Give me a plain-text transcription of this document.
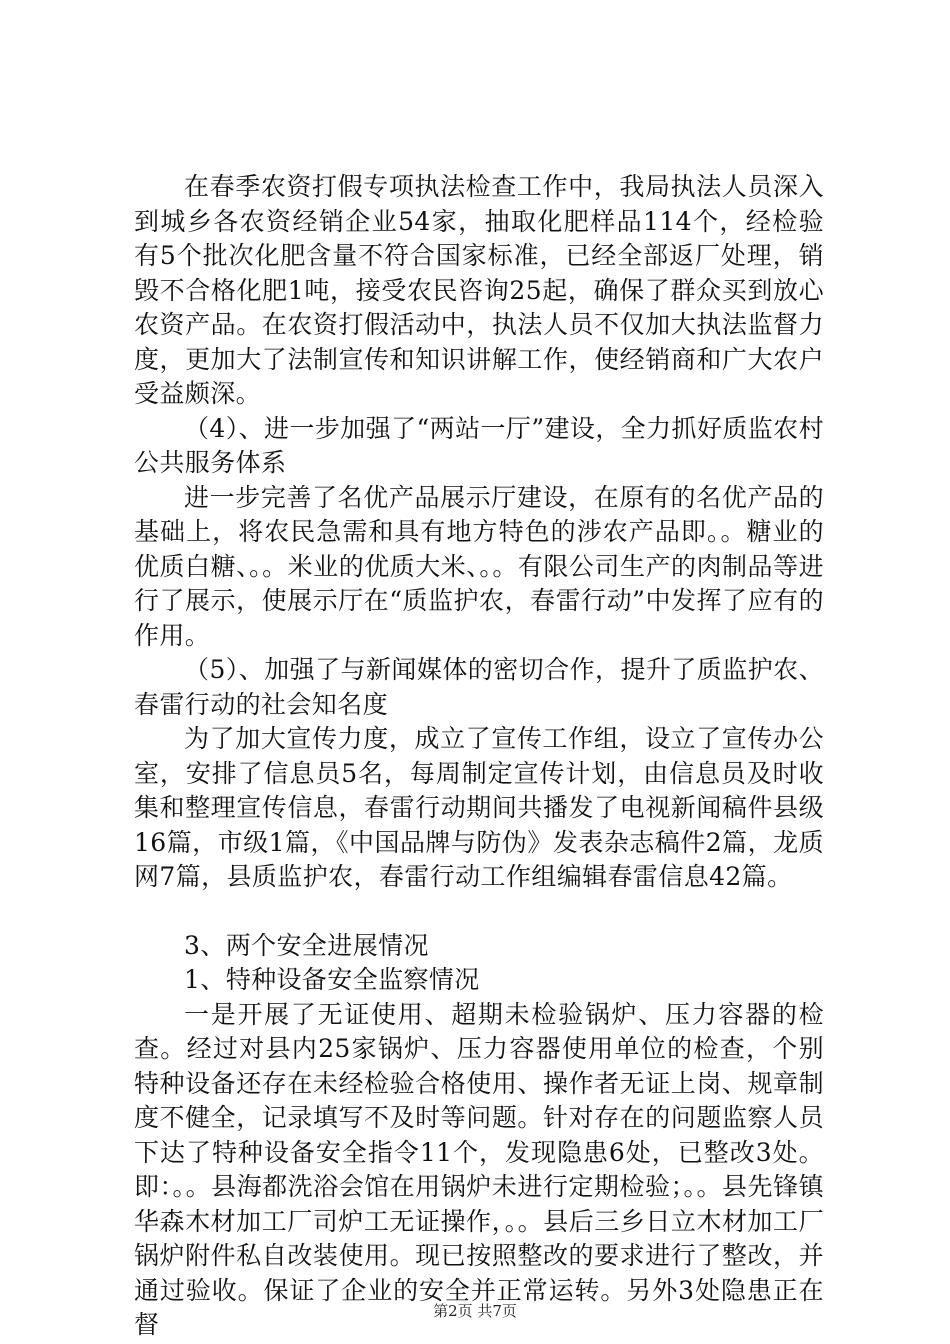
在春季农资打假专项执法检查工作中，我局执法人员深入到城乡各农资经销企业54家，抽取化肥样品114个，经检验有5个批次化肥含量不符合国家标准，已经全部返厂处理，销毁不合格化肥1吨，接受农民咨询25起，确保了群众买到放心农资产品。在农资打假活动中，执法人员不仅加大执法监督力度，更加大了法制宣传和知识讲解工作，使经销商和广大农户受益颇深。

（4）、进一步加强了“两站一厅”建设，全力抓好质监农村公共服务体系

进一步完善了名优产品展示厅建设，在原有的名优产品的基础上，将农民急需和具有地方特色的涉农产品即。。糖业的优质白糖、。。米业的优质大米、。。有限公司生产的肉制品等进行了展示，使展示厅在“质监护农，春雷行动”中发挥了应有的作用。

（5）、加强了与新闻媒体的密切合作，提升了质监护农、春雷行动的社会知名度

为了加大宣传力度，成立了宣传工作组，设立了宣传办公室，安排了信息员5名，每周制定宣传计划，由信息员及时收集和整理宣传信息，春雷行动期间共播发了电视新闻稿件县级16篇，市级1篇，《中国品牌与防伪》发表杂志稿件2篇，龙质网7篇，县质监护农，春雷行动工作组编辑春雷信息42篇。

3、两个安全进展情况

1、特种设备安全监察情况

一是开展了无证使用、超期未检验锅炉、压力容器的检查。经过对县内25家锅炉、压力容器使用单位的检查，个别特种设备还存在未经检验合格使用、操作者无证上岗、规章制度不健全，记录填写不及时等问题。针对存在的问题监察人员下达了特种设备安全指令11个，发现隐患6处，已整改3处。即：。。县海都洗浴会馆在用锅炉未进行定期检验；。。县先锋镇华森木材加工厂司炉工无证操作，。。县后三乡日立木材加工厂锅炉附件私自改装使用。现已按照整改的要求进行了整改，并通过验收。保证了企业的安全并正常运转。另外3处隐患正在督	第2页 共7页
